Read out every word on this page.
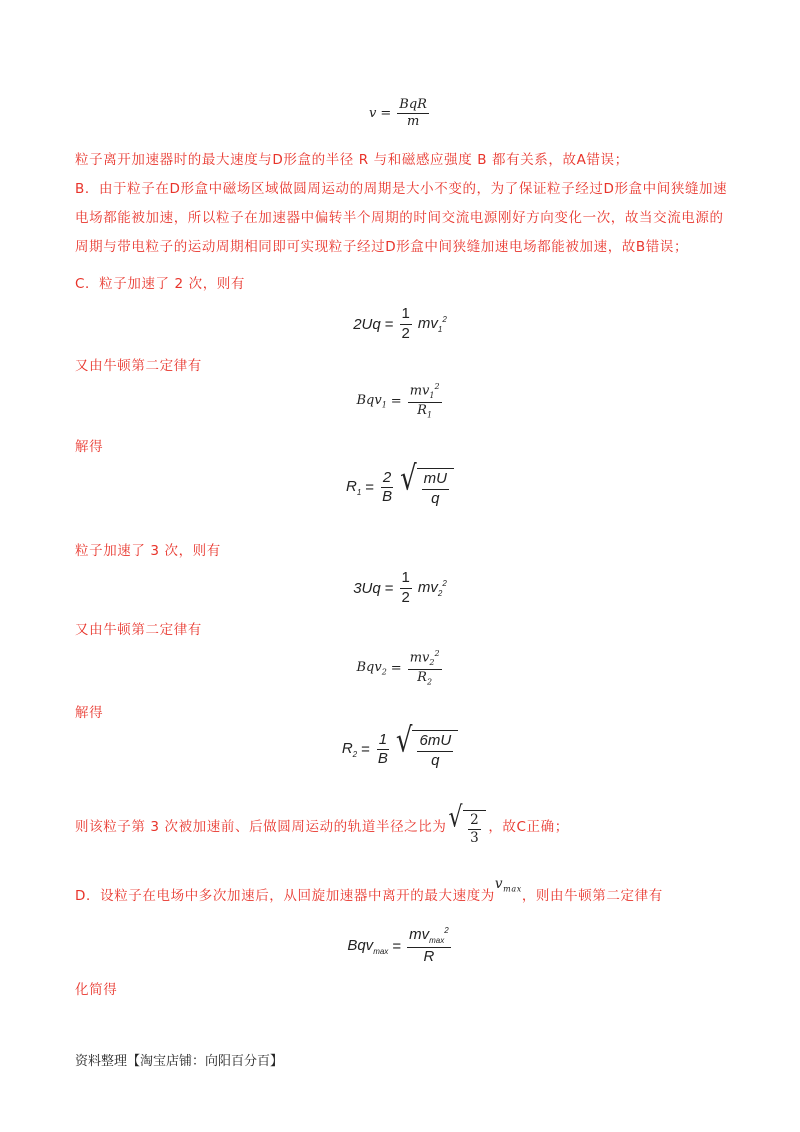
$v = \frac{\text{BqR}}{m}$
粒子离开加速器时的最大速度与D形盒的半径 R 与和磁感应强度 B 都有关系，故A错误；
B．由于粒子在D形盒中磁场区域做圆周运动的周期是大小不变的，为了保证粒子经过D形盒中间狭缝加速电场都能被加速，所以粒子在加速器中偏转半个周期的时间交流电源刚好方向变化一次，故当交流电源的周期与带电粒子的运动周期相同即可实现粒子经过D形盒中间狭缝加速电场都能被加速，故B错误；
C．粒子加速了 2 次，则有
$2Uq = \frac{1}{2} mv_1^2$
又由牛顿第二定律有
$Bqv_1 = \frac{mv_1^2}{R_1}$
解得
$R_1 = \frac{2}{B}$ √ $\frac{mU}{q}$
粒子加速了 3 次，则有
$3Uq = \frac{1}{2} mv_2^2$
又由牛顿第二定律有
$Bqv_2 = \frac{mv_2^2}{R_2}$
解得
$R_2 = \frac{1}{B}$ √ $\frac{6mU}{q}$
则该粒子第 3 次被加速前、后做圆周运动的轨道半径之比为 √ $\frac{2}{3}$ ，故C正确；
D．设粒子在电场中多次加速后，从回旋加速器中离开的最大速度为
$v_{max}$ ，则由牛顿第二定律有
$Bqv_{max} = \frac{mv_{max}^2}{R}$
化简得
资料整理【淘宝店铺：向阳百分百】
